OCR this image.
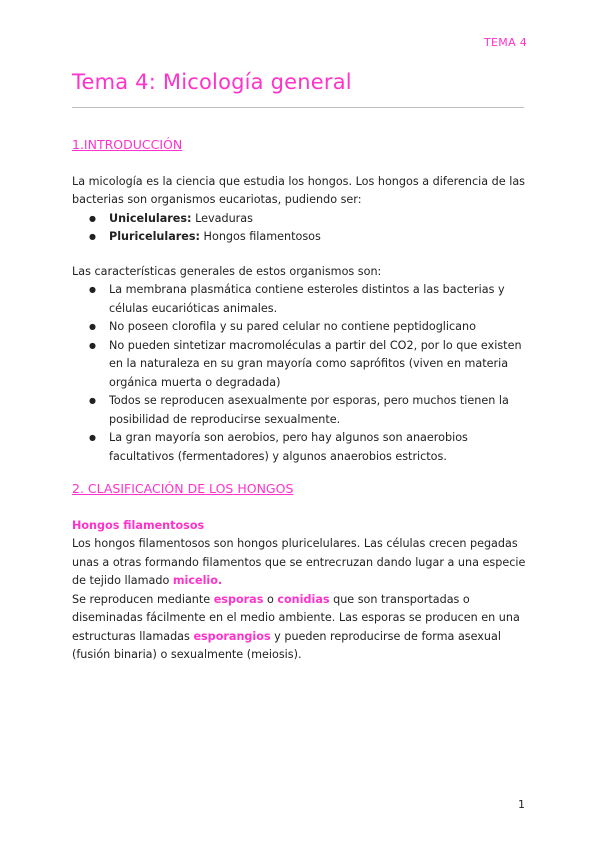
TEMA 4
Tema 4: Micología general
1.INTRODUCCIÓN

La micología es la ciencia que estudia los hongos. Los hongos a diferencia de las bacterias son organismos eucariotas, pudiendo ser:

● Unicelulares: Levaduras
● Pluricelulares: Hongos filamentosos

Las características generales de estos organismos son:

● La membrana plasmática contiene esteroles distintos a las bacterias y células eucarióticas animales.
● No poseen clorofila y su pared celular no contiene peptidoglicano
● No pueden sintetizar macromoléculas a partir del CO2, por lo que existen en la naturaleza en su gran mayoría como saprófitos (viven en materia orgánica muerta o degradada)
● Todos se reproducen asexualmente por esporas, pero muchos tienen la posibilidad de reproducirse sexualmente.
● La gran mayoría son aerobios, pero hay algunos son anaerobios facultativos (fermentadores) y algunos anaerobios estrictos.
2. CLASIFICACIÓN DE LOS HONGOS
Hongos filamentosos

Los hongos filamentosos son hongos pluricelulares. Las células crecen pegadas unas a otras formando filamentos que se entrecruzan dando lugar a una especie de tejido llamado micelio.

Se reproducen mediante esporas o conidias que son transportadas o diseminadas fácilmente en el medio ambiente. Las esporas se producen en una estructuras llamadas esporangios y pueden reproducirse de forma asexual (fusión binaria) o sexualmente (meiosis).

1
